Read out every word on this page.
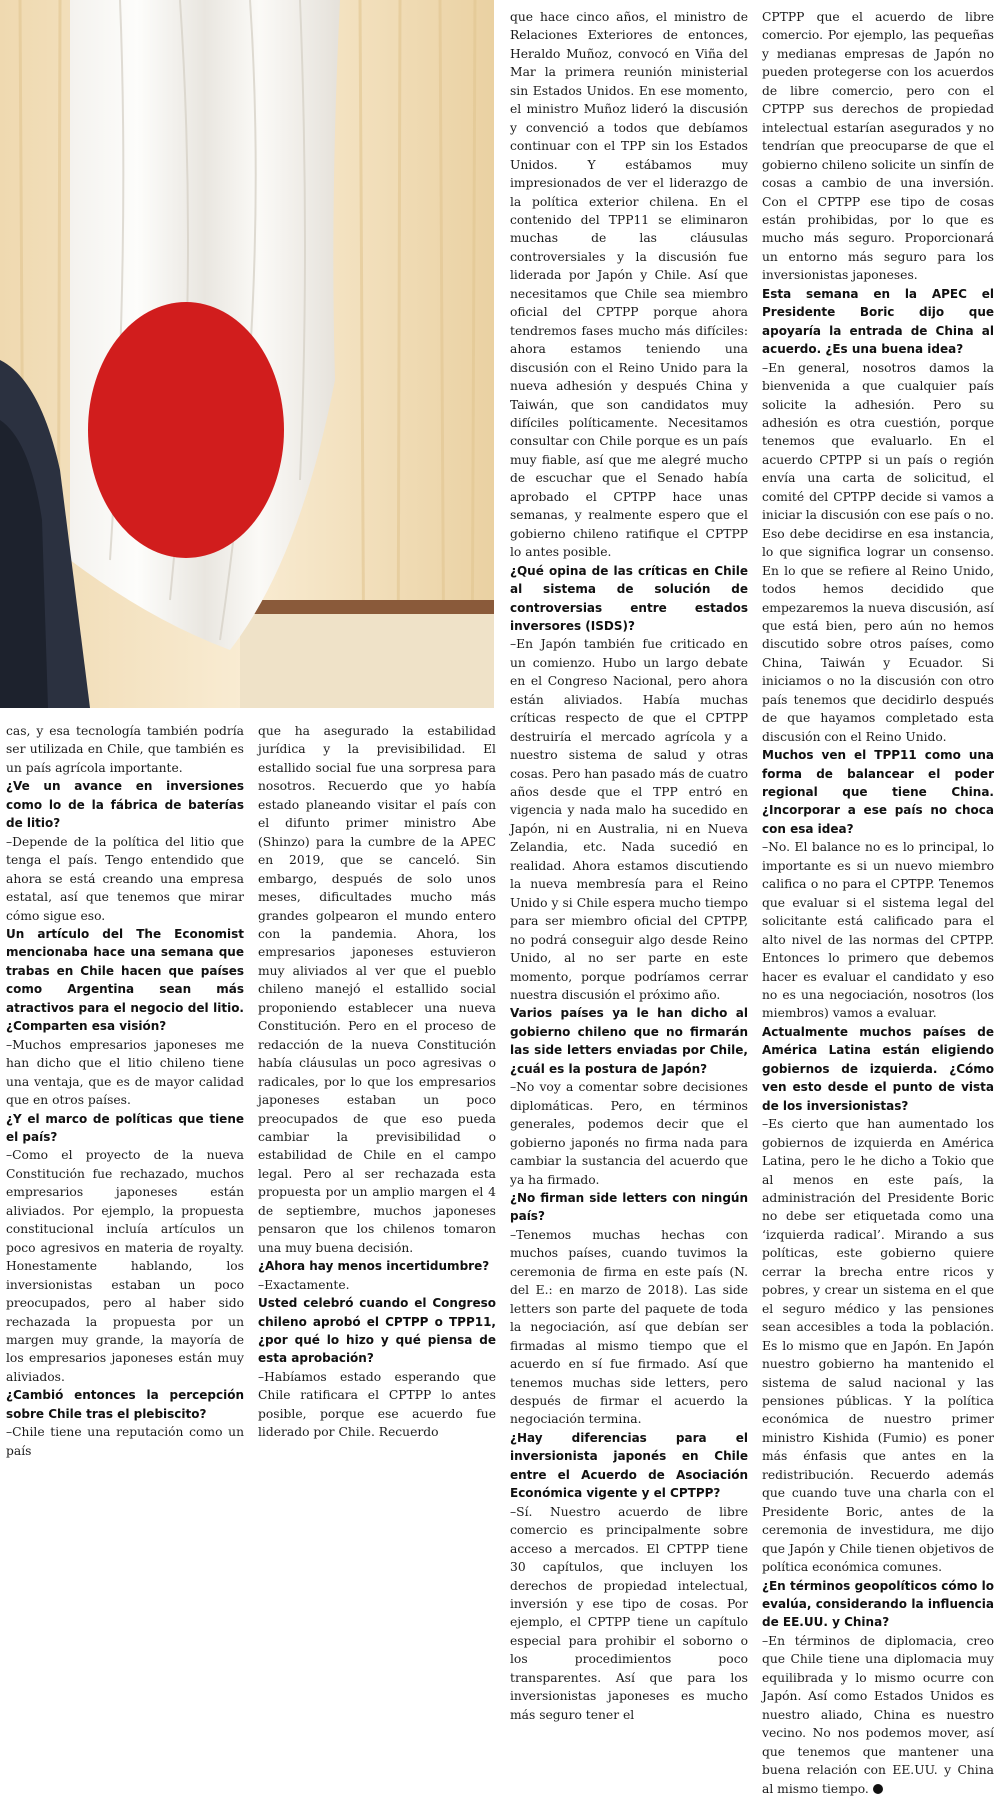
cas, y esa tecnología también podría ser utilizada en Chile, que también es un país agrícola importante.

¿Ve un avance en inversiones como lo de la fábrica de baterías de litio?

–Depende de la política del litio que tenga el país. Tengo entendido que ahora se está creando una empresa estatal, así que tenemos que mirar cómo sigue eso.

Un artículo del The Economist mencionaba hace una semana que trabas en Chile hacen que países como Argentina sean más atractivos para el negocio del litio. ¿Comparten esa visión?

–Muchos empresarios japoneses me han dicho que el litio chileno tiene una ventaja, que es de mayor calidad que en otros países.

¿Y el marco de políticas que tiene el país?

–Como el proyecto de la nueva Constitución fue rechazado, muchos empresarios japoneses están aliviados. Por ejemplo, la propuesta constitucional incluía artículos un poco agresivos en materia de royalty. Honestamente hablando, los inversionistas estaban un poco preocupados, pero al haber sido rechazada la propuesta por un margen muy grande, la mayoría de los empresarios japoneses están muy aliviados.

¿Cambió entonces la percepción sobre Chile tras el plebiscito?

–Chile tiene una reputación como un país

que ha asegurado la estabilidad jurídica y la previsibilidad. El estallido social fue una sorpresa para nosotros. Recuerdo que yo había estado planeando visitar el país con el difunto primer ministro Abe (Shinzo) para la cumbre de la APEC en 2019, que se canceló. Sin embargo, después de solo unos meses, dificultades mucho más grandes golpearon el mundo entero con la pandemia. Ahora, los empresarios japoneses estuvieron muy aliviados al ver que el pueblo chileno manejó el estallido social proponiendo establecer una nueva Constitución. Pero en el proceso de redacción de la nueva Constitución había cláusulas un poco agresivas o radicales, por lo que los empresarios japoneses estaban un poco preocupados de que eso pueda cambiar la previsibilidad o estabilidad de Chile en el campo legal. Pero al ser rechazada esta propuesta por un amplio margen el 4 de septiembre, muchos japoneses pensaron que los chilenos tomaron una muy buena decisión.

¿Ahora hay menos incertidumbre?

–Exactamente.

Usted celebró cuando el Congreso chileno aprobó el CPTPP o TPP11, ¿por qué lo hizo y qué piensa de esta aprobación?

–Habíamos estado esperando que Chile ratificara el CPTPP lo antes posible, porque ese acuerdo fue liderado por Chile. Recuerdo

que hace cinco años, el ministro de Relaciones Exteriores de entonces, Heraldo Muñoz, convocó en Viña del Mar la primera reunión ministerial sin Estados Unidos. En ese momento, el ministro Muñoz lideró la discusión y convenció a todos que debíamos continuar con el TPP sin los Estados Unidos. Y estábamos muy impresionados de ver el liderazgo de la política exterior chilena. En el contenido del TPP11 se eliminaron muchas de las cláusulas controversiales y la discusión fue liderada por Japón y Chile. Así que necesitamos que Chile sea miembro oficial del CPTPP porque ahora tendremos fases mucho más difíciles: ahora estamos teniendo una discusión con el Reino Unido para la nueva adhesión y después China y Taiwán, que son candidatos muy difíciles políticamente. Necesitamos consultar con Chile porque es un país muy fiable, así que me alegré mucho de escuchar que el Senado había aprobado el CPTPP hace unas semanas, y realmente espero que el gobierno chileno ratifique el CPTPP lo antes posible.

¿Qué opina de las críticas en Chile al sistema de solución de controversias entre estados inversores (ISDS)?

–En Japón también fue criticado en un comienzo. Hubo un largo debate en el Congreso Nacional, pero ahora están aliviados. Había muchas críticas respecto de que el CPTPP destruiría el mercado agrícola y a nuestro sistema de salud y otras cosas. Pero han pasado más de cuatro años desde que el TPP entró en vigencia y nada malo ha sucedido en Japón, ni en Australia, ni en Nueva Zelandia, etc. Nada sucedió en realidad. Ahora estamos discutiendo la nueva membresía para el Reino Unido y si Chile espera mucho tiempo para ser miembro oficial del CPTPP, no podrá conseguir algo desde Reino Unido, al no ser parte en este momento, porque podríamos cerrar nuestra discusión el próximo año.

Varios países ya le han dicho al gobierno chileno que no firmarán las side letters enviadas por Chile, ¿cuál es la postura de Japón?

–No voy a comentar sobre decisiones diplomáticas. Pero, en términos generales, podemos decir que el gobierno japonés no firma nada para cambiar la sustancia del acuerdo que ya ha firmado.

¿No firman side letters con ningún país?

–Tenemos muchas hechas con muchos países, cuando tuvimos la ceremonia de firma en este país (N. del E.: en marzo de 2018). Las side letters son parte del paquete de toda la negociación, así que debían ser firmadas al mismo tiempo que el acuerdo en sí fue firmado. Así que tenemos muchas side letters, pero después de firmar el acuerdo la negociación termina.

¿Hay diferencias para el inversionista japonés en Chile entre el Acuerdo de Asociación Económica vigente y el CPTPP?

–Sí. Nuestro acuerdo de libre comercio es principalmente sobre acceso a mercados. El CPTPP tiene 30 capítulos, que incluyen los derechos de propiedad intelectual, inversión y ese tipo de cosas. Por ejemplo, el CPTPP tiene un capítulo especial para prohibir el soborno o los procedimientos poco transparentes. Así que para los inversionistas japoneses es mucho más seguro tener el

CPTPP que el acuerdo de libre comercio. Por ejemplo, las pequeñas y medianas empresas de Japón no pueden protegerse con los acuerdos de libre comercio, pero con el CPTPP sus derechos de propiedad intelectual estarían asegurados y no tendrían que preocuparse de que el gobierno chileno solicite un sinfín de cosas a cambio de una inversión. Con el CPTPP ese tipo de cosas están prohibidas, por lo que es mucho más seguro. Proporcionará un entorno más seguro para los inversionistas japoneses.

Esta semana en la APEC el Presidente Boric dijo que apoyaría la entrada de China al acuerdo. ¿Es una buena idea?

–En general, nosotros damos la bienvenida a que cualquier país solicite la adhesión. Pero su adhesión es otra cuestión, porque tenemos que evaluarlo. En el acuerdo CPTPP si un país o región envía una carta de solicitud, el comité del CPTPP decide si vamos a iniciar la discusión con ese país o no. Eso debe decidirse en esa instancia, lo que significa lograr un consenso. En lo que se refiere al Reino Unido, todos hemos decidido que empezaremos la nueva discusión, así que está bien, pero aún no hemos discutido sobre otros países, como China, Taiwán y Ecuador. Si iniciamos o no la discusión con otro país tenemos que decidirlo después de que hayamos completado esta discusión con el Reino Unido.

Muchos ven el TPP11 como una forma de balancear el poder regional que tiene China. ¿Incorporar a ese país no choca con esa idea?

–No. El balance no es lo principal, lo importante es si un nuevo miembro califica o no para el CPTPP. Tenemos que evaluar si el sistema legal del solicitante está calificado para el alto nivel de las normas del CPTPP. Entonces lo primero que debemos hacer es evaluar el candidato y eso no es una negociación, nosotros (los miembros) vamos a evaluar.

Actualmente muchos países de América Latina están eligiendo gobiernos de izquierda. ¿Cómo ven esto desde el punto de vista de los inversionistas?

–Es cierto que han aumentado los gobiernos de izquierda en América Latina, pero le he dicho a Tokio que al menos en este país, la administración del Presidente Boric no debe ser etiquetada como una ‘izquierda radical’. Mirando a sus políticas, este gobierno quiere cerrar la brecha entre ricos y pobres, y crear un sistema en el que el seguro médico y las pensiones sean accesibles a toda la población. Es lo mismo que en Japón. En Japón nuestro gobierno ha mantenido el sistema de salud nacional y las pensiones públicas. Y la política económica de nuestro primer ministro Kishida (Fumio) es poner más énfasis que antes en la redistribución. Recuerdo además que cuando tuve una charla con el Presidente Boric, antes de la ceremonia de investidura, me dijo que Japón y Chile tienen objetivos de política económica comunes.

¿En términos geopolíticos cómo lo evalúa, considerando la influencia de EE.UU. y China?

–En términos de diplomacia, creo que Chile tiene una diplomacia muy equilibrada y lo mismo ocurre con Japón. Así como Estados Unidos es nuestro aliado, China es nuestro vecino. No nos podemos mover, así que tenemos que mantener una buena relación con EE.UU. y China al mismo tiempo.
